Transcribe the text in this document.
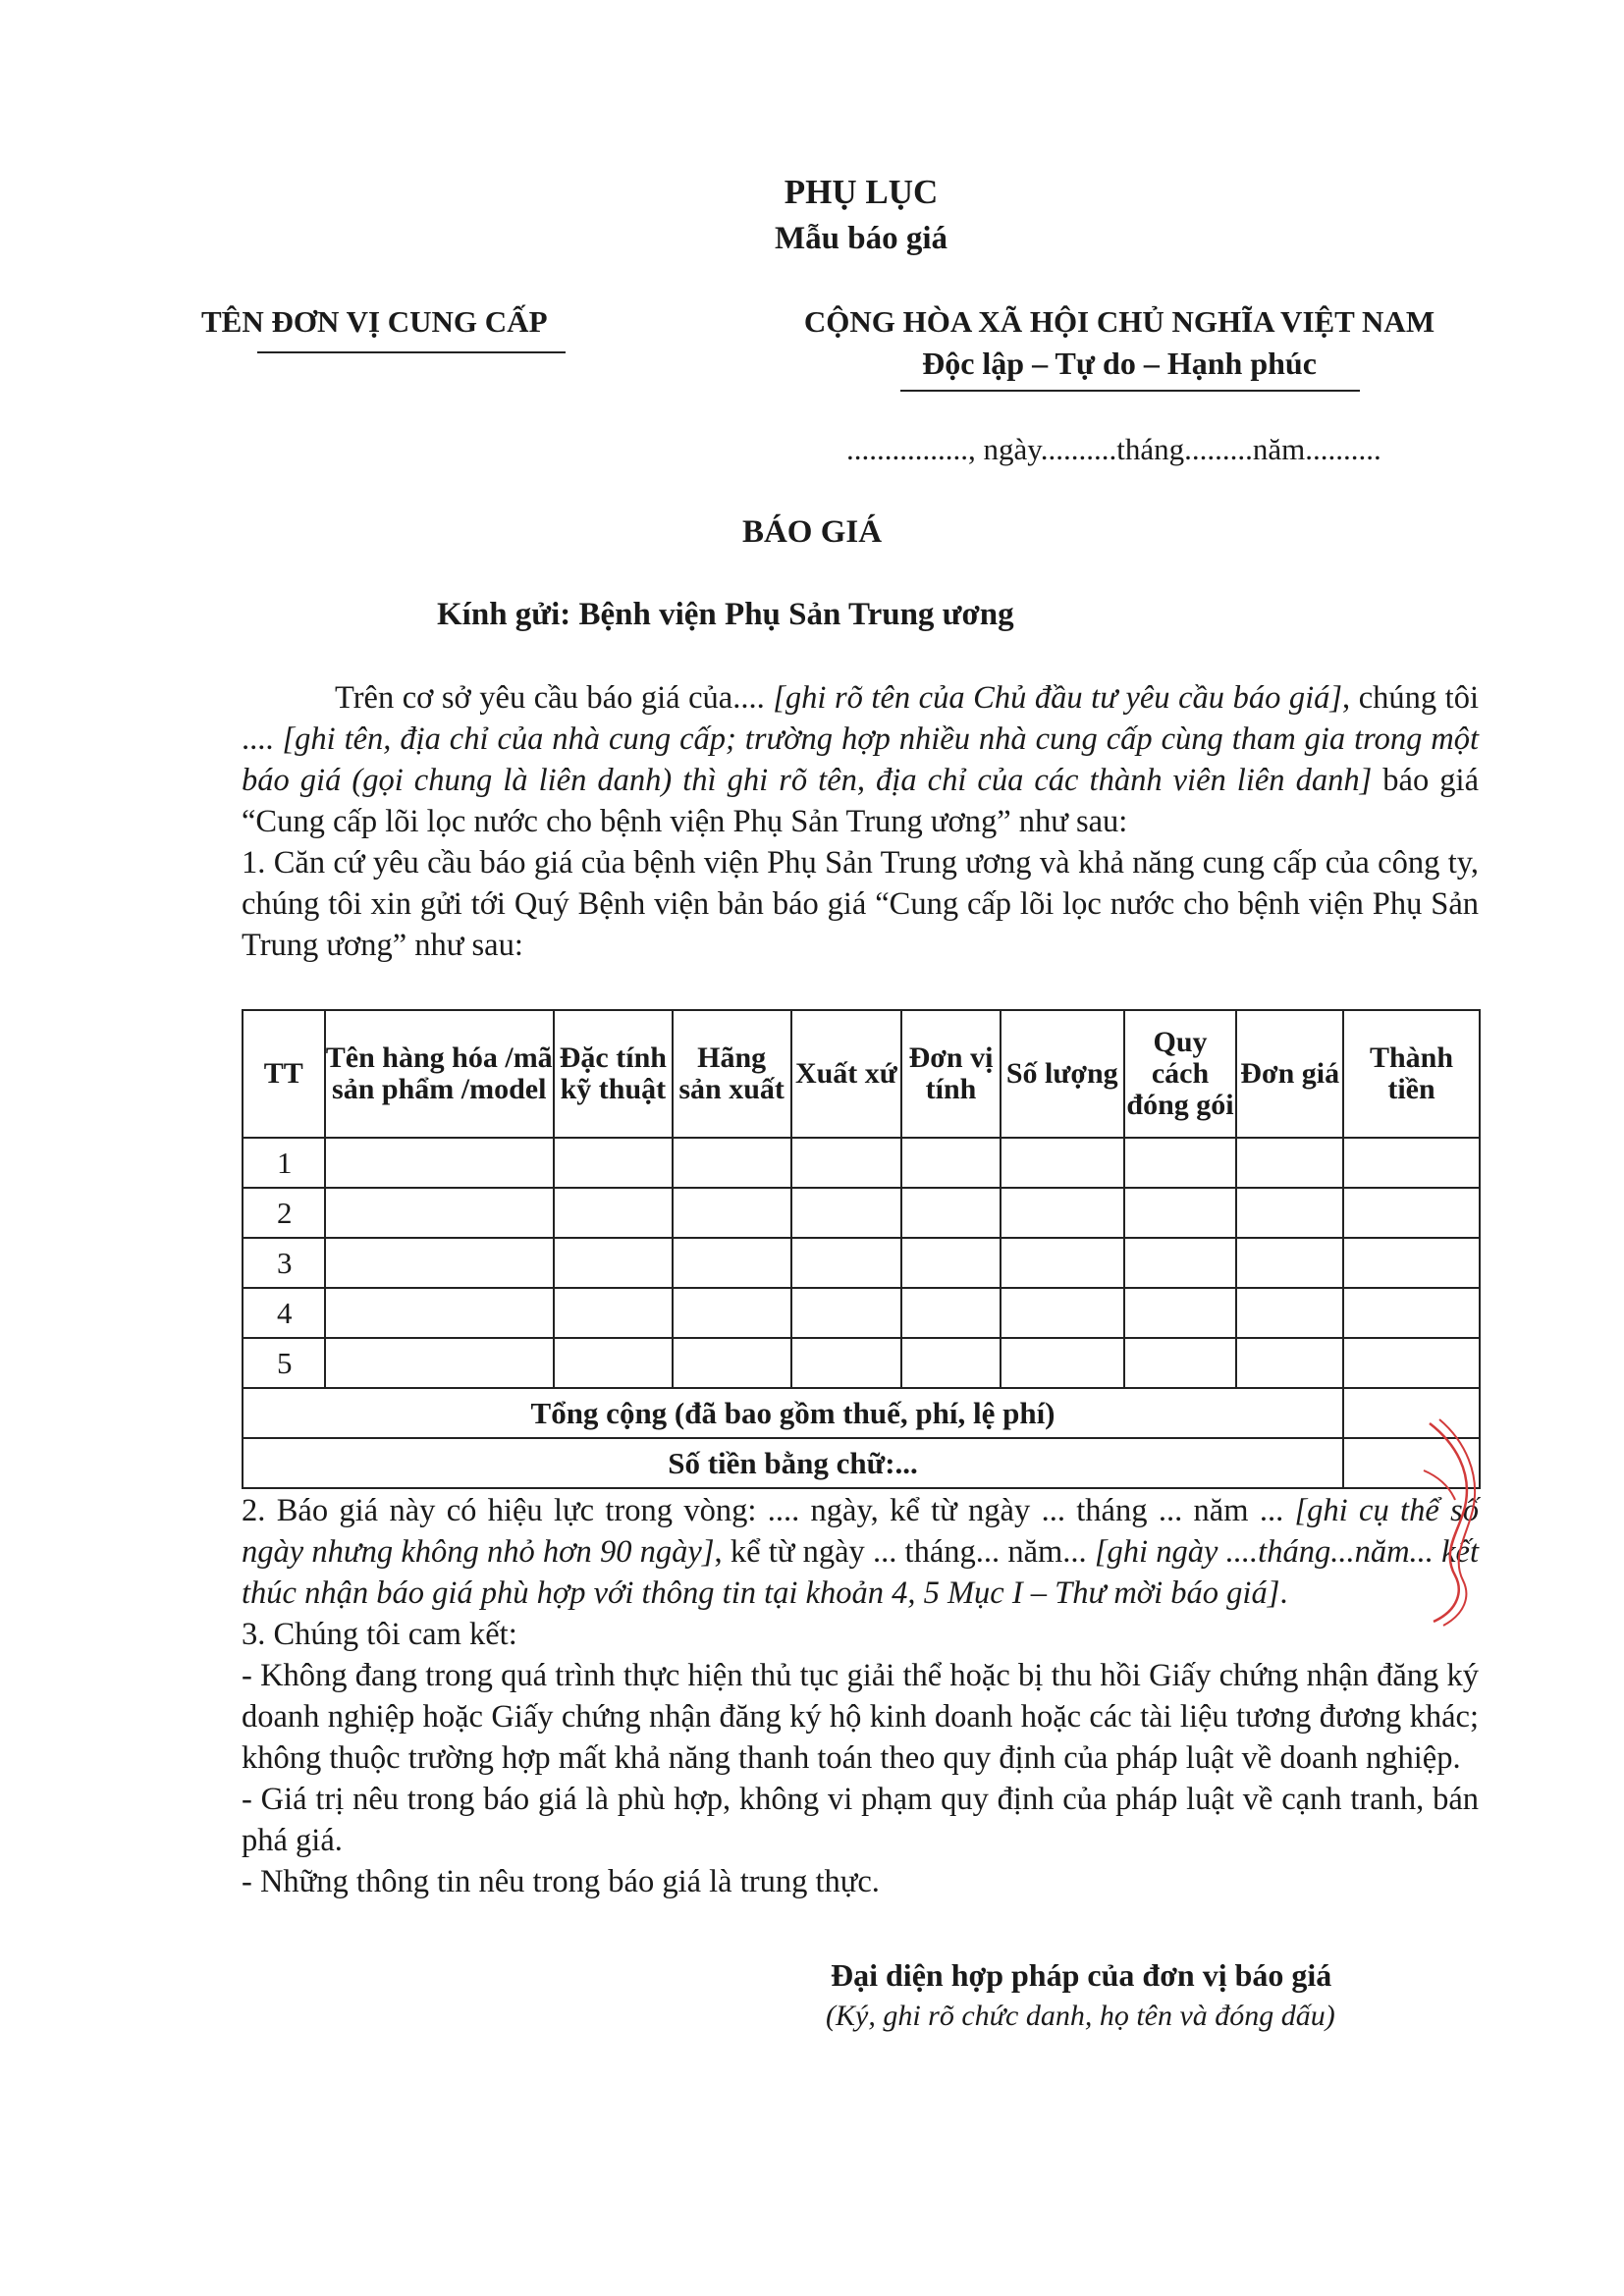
PHỤ LỤC
Mẫu báo giá
TÊN ĐƠN VỊ CUNG CẤP	CỘNG HÒA XÃ HỘI CHỦ NGHĨA VIỆT NAM
Độc lập – Tự do – Hạnh phúc
................, ngày..........tháng.........năm..........
BÁO GIÁ
Kính gửi: Bệnh viện Phụ Sản Trung ương

Trên cơ sở yêu cầu báo giá của.... [ghi rõ tên của Chủ đầu tư yêu cầu báo giá], chúng tôi .... [ghi tên, địa chỉ của nhà cung cấp; trường hợp nhiều nhà cung cấp cùng tham gia trong một báo giá (gọi chung là liên danh) thì ghi rõ tên, địa chỉ của các thành viên liên danh] báo giá “Cung cấp lõi lọc nước cho bệnh viện Phụ Sản Trung ương” như sau:

1. Căn cứ yêu cầu báo giá của bệnh viện Phụ Sản Trung ương và khả năng cung cấp của công ty, chúng tôi xin gửi tới Quý Bệnh viện bản báo giá “Cung cấp lõi lọc nước cho bệnh viện Phụ Sản Trung ương” như sau:

TT	Tên hàng hóa /mã sản phẩm /model	Đặc tính kỹ thuật	Hãng sản xuất	Xuất xứ	Đơn vị tính	Số lượng	Quy cách đóng gói	Đơn giá	Thành tiền
1									
2									
3									
4									
5									
Tổng cộng (đã bao gồm thuế, phí, lệ phí)									
Số tiền bằng chữ:...									

2. Báo giá này có hiệu lực trong vòng: .... ngày, kể từ ngày ... tháng ... năm ... [ghi cụ thể số ngày nhưng không nhỏ hơn 90 ngày], kể từ ngày ... tháng... năm... [ghi ngày ....tháng...năm... kết thúc nhận báo giá phù hợp với thông tin tại khoản 4, 5 Mục I – Thư mời báo giá].

3. Chúng tôi cam kết:

- Không đang trong quá trình thực hiện thủ tục giải thể hoặc bị thu hồi Giấy chứng nhận đăng ký doanh nghiệp hoặc Giấy chứng nhận đăng ký hộ kinh doanh hoặc các tài liệu tương đương khác; không thuộc trường hợp mất khả năng thanh toán theo quy định của pháp luật về doanh nghiệp.

- Giá trị nêu trong báo giá là phù hợp, không vi phạm quy định của pháp luật về cạnh tranh, bán phá giá.

- Những thông tin nêu trong báo giá là trung thực.

Đại diện hợp pháp của đơn vị báo giá
(Ký, ghi rõ chức danh, họ tên và đóng dấu)
